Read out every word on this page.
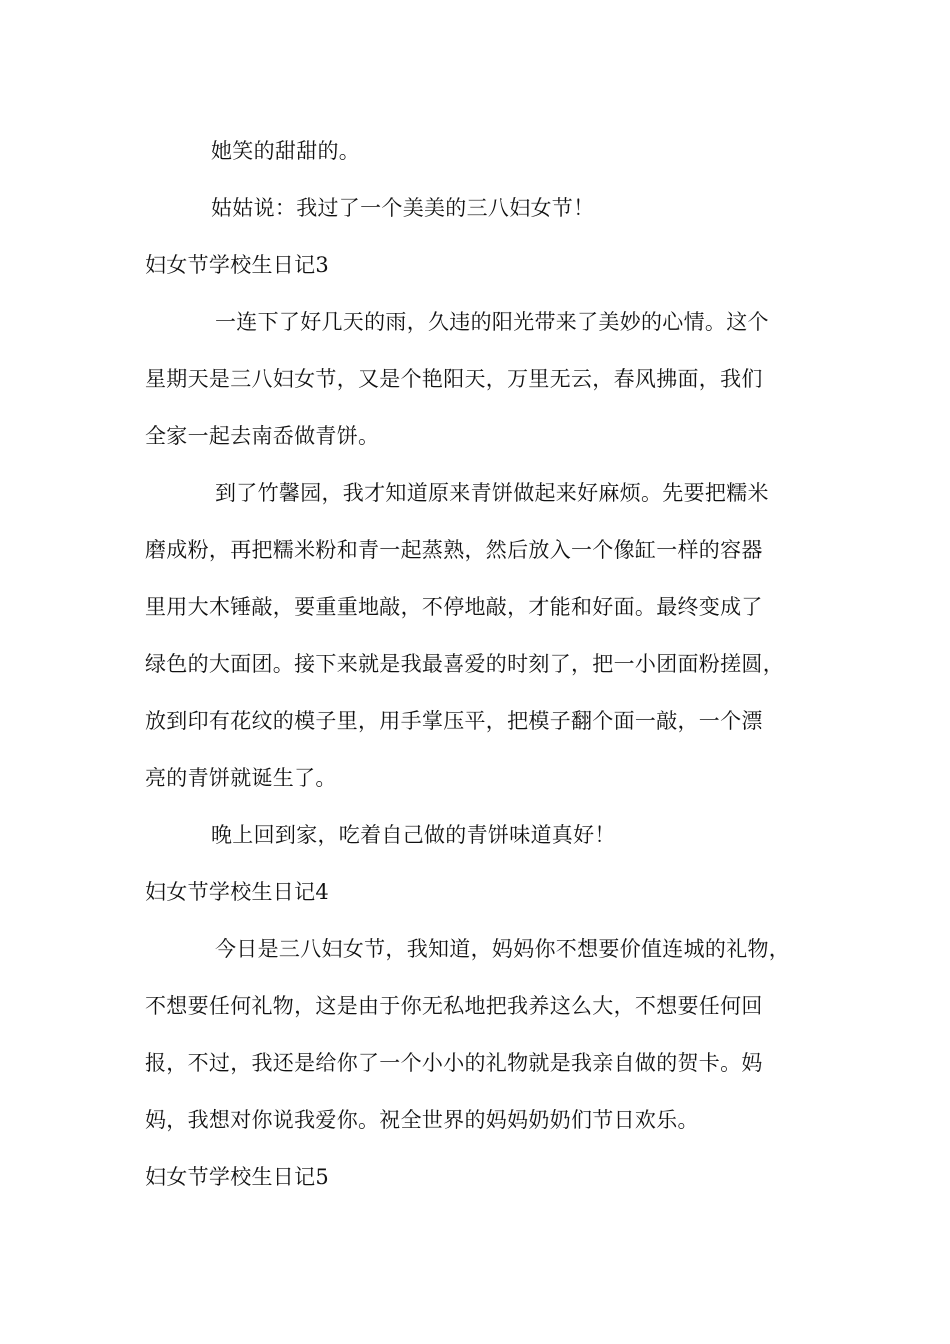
她笑的甜甜的。
姑姑说：我过了一个美美的三八妇女节！
妇女节学校生日记3
一连下了好几天的雨，久违的阳光带来了美妙的心情。这个
星期天是三八妇女节，又是个艳阳天，万里无云，春风拂面，我们
全家一起去南岙做青饼。
到了竹馨园，我才知道原来青饼做起来好麻烦。先要把糯米
磨成粉，再把糯米粉和青一起蒸熟，然后放入一个像缸一样的容器
里用大木锤敲，要重重地敲，不停地敲，才能和好面。最终变成了
绿色的大面团。接下来就是我最喜爱的时刻了，把一小团面粉搓圆，
放到印有花纹的模子里，用手掌压平，把模子翻个面一敲，一个漂
亮的青饼就诞生了。
晚上回到家，吃着自己做的青饼味道真好！
妇女节学校生日记4
今日是三八妇女节，我知道，妈妈你不想要价值连城的礼物，
不想要任何礼物，这是由于你无私地把我养这么大，不想要任何回
报，不过，我还是给你了一个小小的礼物就是我亲自做的贺卡。妈
妈，我想对你说我爱你。祝全世界的妈妈奶奶们节日欢乐。
妇女节学校生日记5
